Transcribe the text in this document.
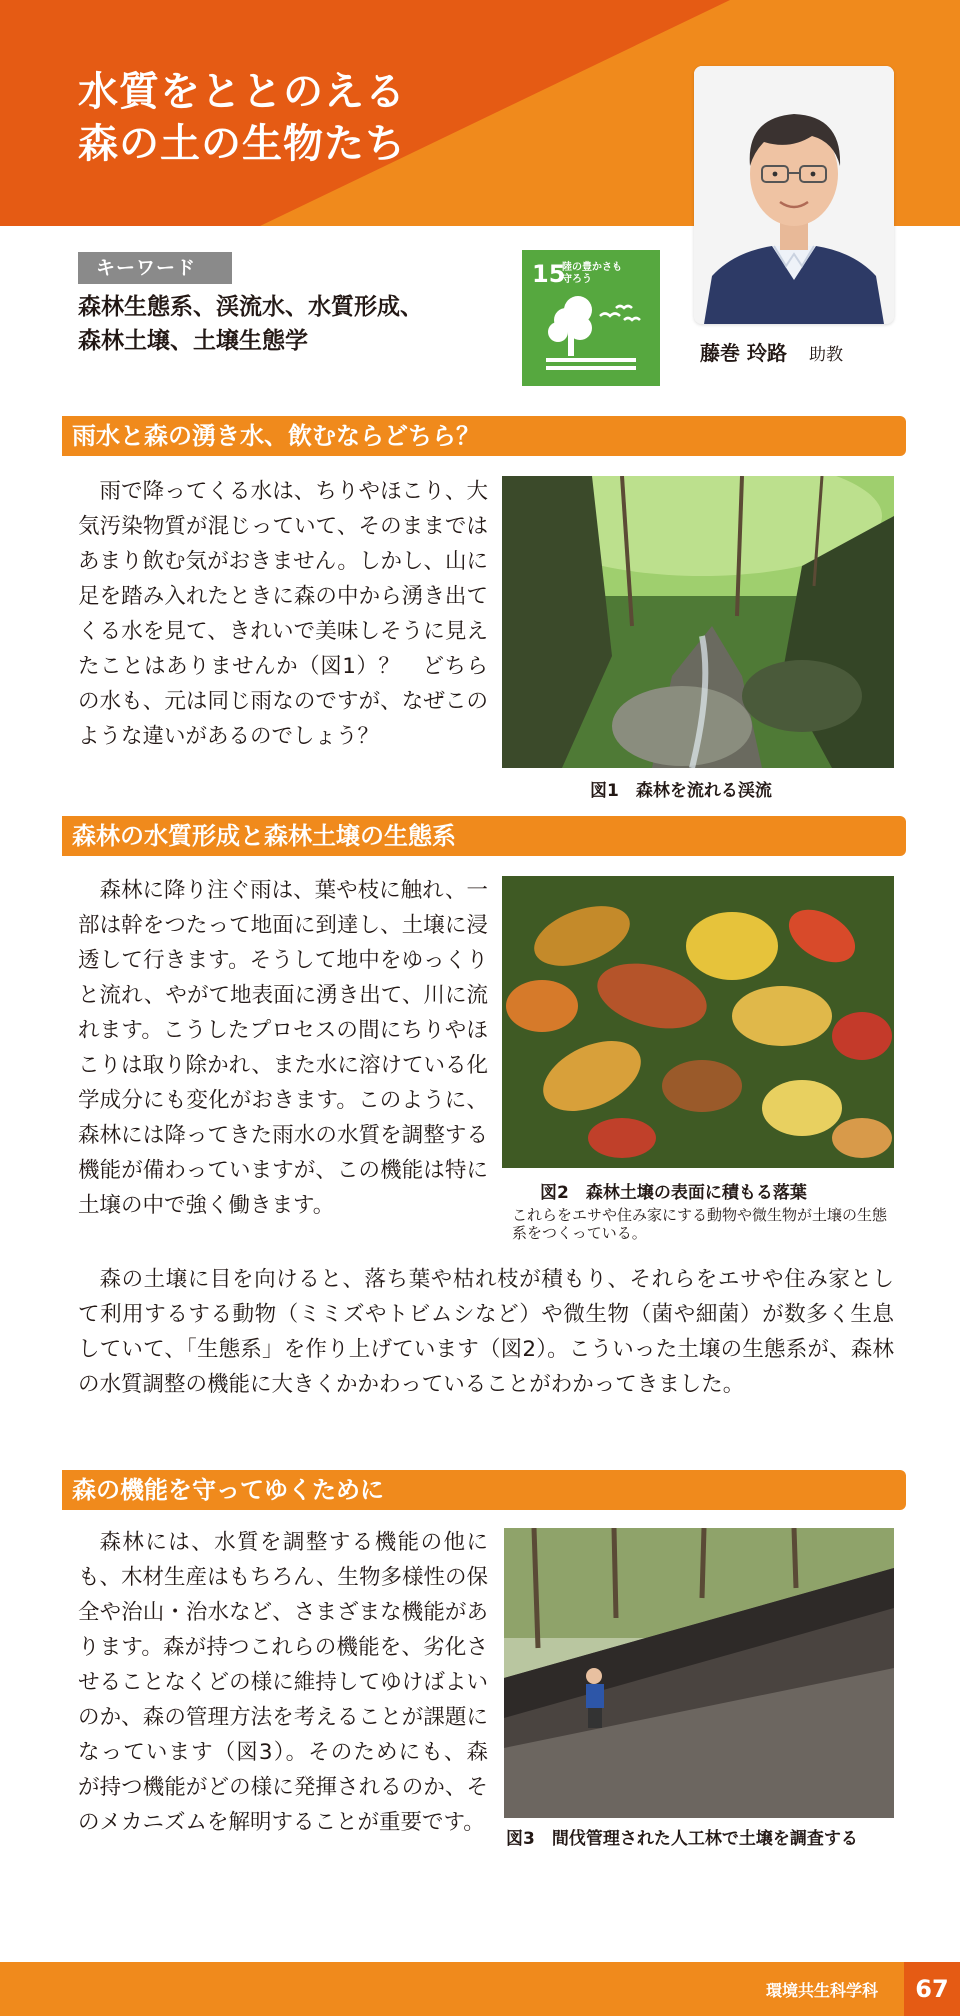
水質をととのえる
森の土の生物たち
藤巻 玲路 助教
キーワード
森林生態系、渓流水、水質形成、
森林土壌、土壌生態学
15
陸の豊かさも
守ろう
雨水と森の湧き水、飲むならどちら？

雨で降ってくる水は、ちりやほこり、大気汚染物質が混じっていて、そのままではあまり飲む気がおきません。しかし、山に足を踏み入れたときに森の中から湧き出てくる水を見て、きれいで美味しそうに見えたことはありませんか（図1）？　どちらの水も、元は同じ雨なのですが、なぜこのような違いがあるのでしょう？

図1　森林を流れる渓流
森林の水質形成と森林土壌の生態系

森林に降り注ぐ雨は、葉や枝に触れ、一部は幹をつたって地面に到達し、土壌に浸透して行きます。そうして地中をゆっくりと流れ、やがて地表面に湧き出て、川に流れます。こうしたプロセスの間にちりやほこりは取り除かれ、また水に溶けている化学成分にも変化がおきます。このように、森林には降ってきた雨水の水質を調整する機能が備わっていますが、この機能は特に土壌の中で強く働きます。	図2　森林土壌の表面に積もる落葉
これらをエサや住み家にする動物や微生物が土壌の生態系をつくっている。

森の土壌に目を向けると、落ち葉や枯れ枝が積もり、それらをエサや住み家として利用するする動物（ミミズやトビムシなど）や微生物（菌や細菌）が数多く生息していて、「生態系」を作り上げています（図2）。こういった土壌の生態系が、森林の水質調整の機能に大きくかかわっていることがわかってきました。

森の機能を守ってゆくために

森林には、水質を調整する機能の他にも、木材生産はもちろん、生物多様性の保全や治山・治水など、さまざまな機能があります。森が持つこれらの機能を、劣化させることなくどの様に維持してゆけばよいのか、森の管理方法を考えることが課題になっています（図3）。そのためにも、森が持つ機能がどの様に発揮されるのか、そのメカニズムを解明することが重要です。

図3　間伐管理された人工林で土壌を調査する
環境共生科学科	67
